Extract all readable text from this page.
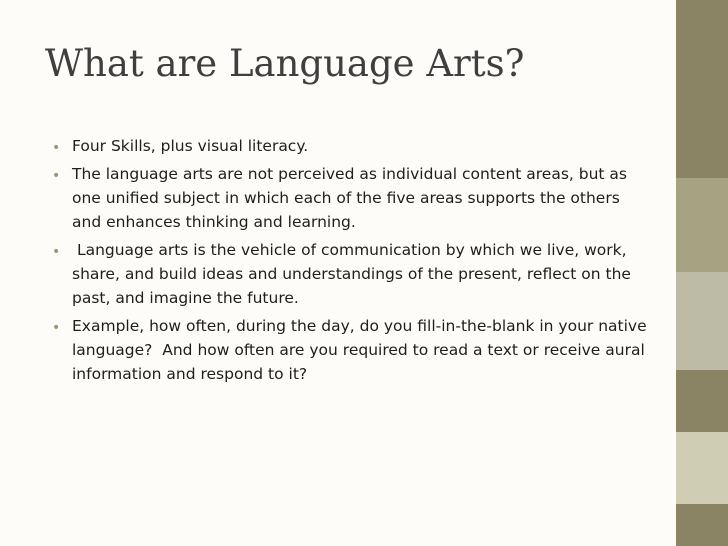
What are Language Arts?
• Four Skills, plus visual literacy.
• The language arts are not perceived as individual content areas, but as one unified subject in which each of the five areas supports the others and enhances thinking and learning.
• Language arts is the vehicle of communication by which we live, work, share, and build ideas and understandings of the present, reflect on the past, and imagine the future.
• Example, how often, during the day, do you fill-in-the-blank in your native language?  And how often are you required to read a text or receive aural information and respond to it?
